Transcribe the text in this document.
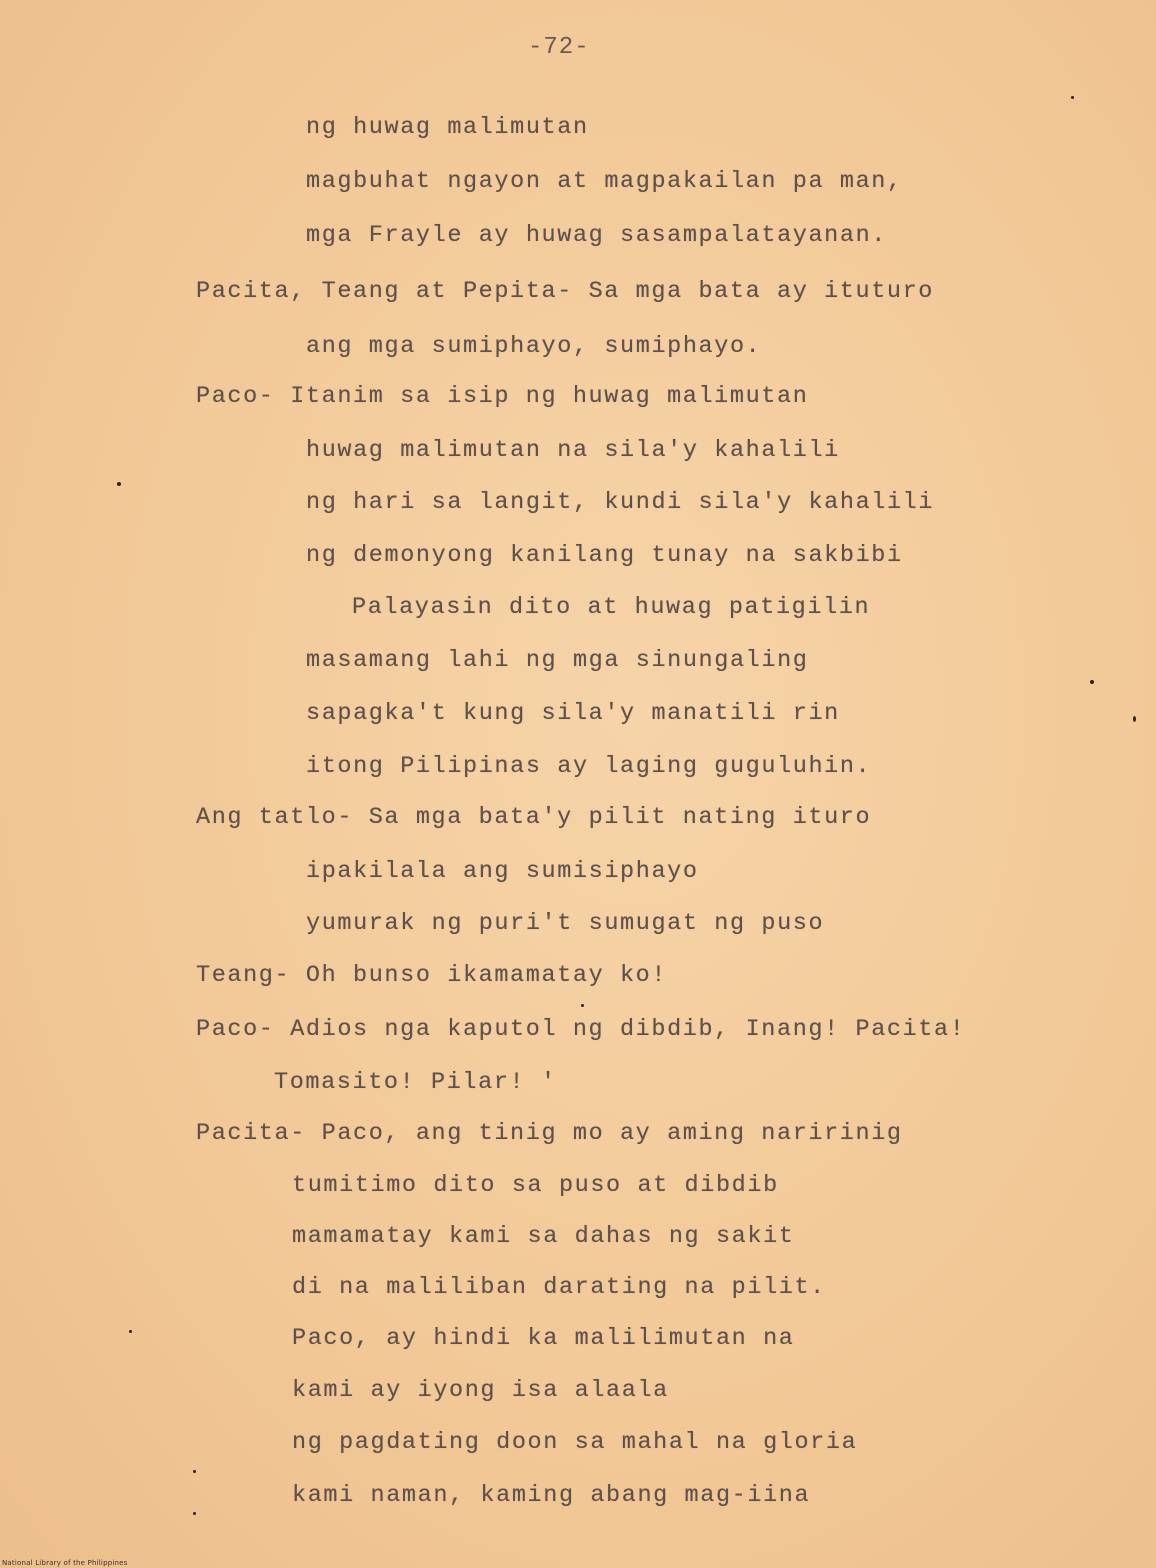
-72-
ng huwag malimutan
magbuhat ngayon at magpakailan pa man,
mga Frayle ay huwag sasampalatayanan.
Pacita, Teang at Pepita- Sa mga bata ay ituturo
ang mga sumiphayo, sumiphayo.
Paco- Itanim sa isip ng huwag malimutan
huwag malimutan na sila'y kahalili
ng hari sa langit, kundi sila'y kahalili
ng demonyong kanilang tunay na sakbibi
Palayasin dito at huwag patigilin
masamang lahi ng mga sinungaling
sapagka't kung sila'y manatili rin
itong Pilipinas ay laging guguluhin.
Ang tatlo- Sa mga bata'y pilit nating ituro
ipakilala ang sumisiphayo
yumurak ng puri't sumugat ng puso
Teang- Oh bunso ikamamatay ko!
Paco- Adios nga kaputol ng dibdib, Inang! Pacita!
Tomasito! Pilar! '
Pacita- Paco, ang tinig mo ay aming naririnig
tumitimo dito sa puso at dibdib
mamamatay kami sa dahas ng sakit
di na maliliban darating na pilit.
Paco, ay hindi ka malilimutan na
kami ay iyong isa alaala
ng pagdating doon sa mahal na gloria
kami naman, kaming abang mag-iina
National Library of the Philippines
